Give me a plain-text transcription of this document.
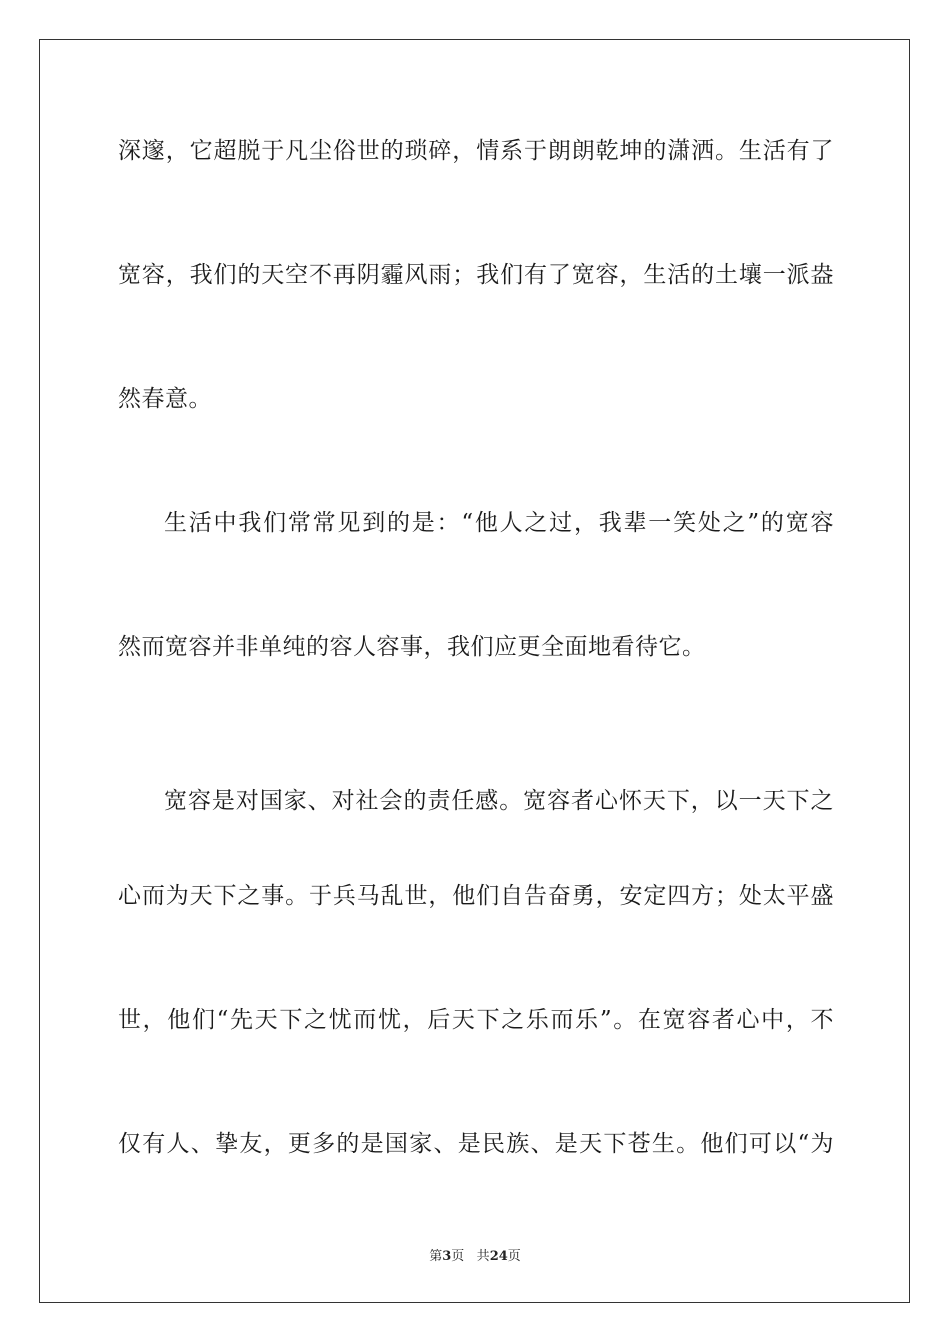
深邃，它超脱于凡尘俗世的琐碎，情系于朗朗乾坤的潇洒。生活有了
宽容，我们的天空不再阴霾风雨；我们有了宽容，生活的土壤一派盎
然春意。
生活中我们常常见到的是：“他人之过，我辈一笑处之”的宽容
然而宽容并非单纯的容人容事，我们应更全面地看待它。
宽容是对国家、对社会的责任感。宽容者心怀天下，以一天下之
心而为天下之事。于兵马乱世，他们自告奋勇，安定四方；处太平盛
世，他们“先天下之忧而忧，后天下之乐而乐”。在宽容者心中，不
仅有人、挚友，更多的是国家、是民族、是天下苍生。他们可以“为
第3页 共24页
